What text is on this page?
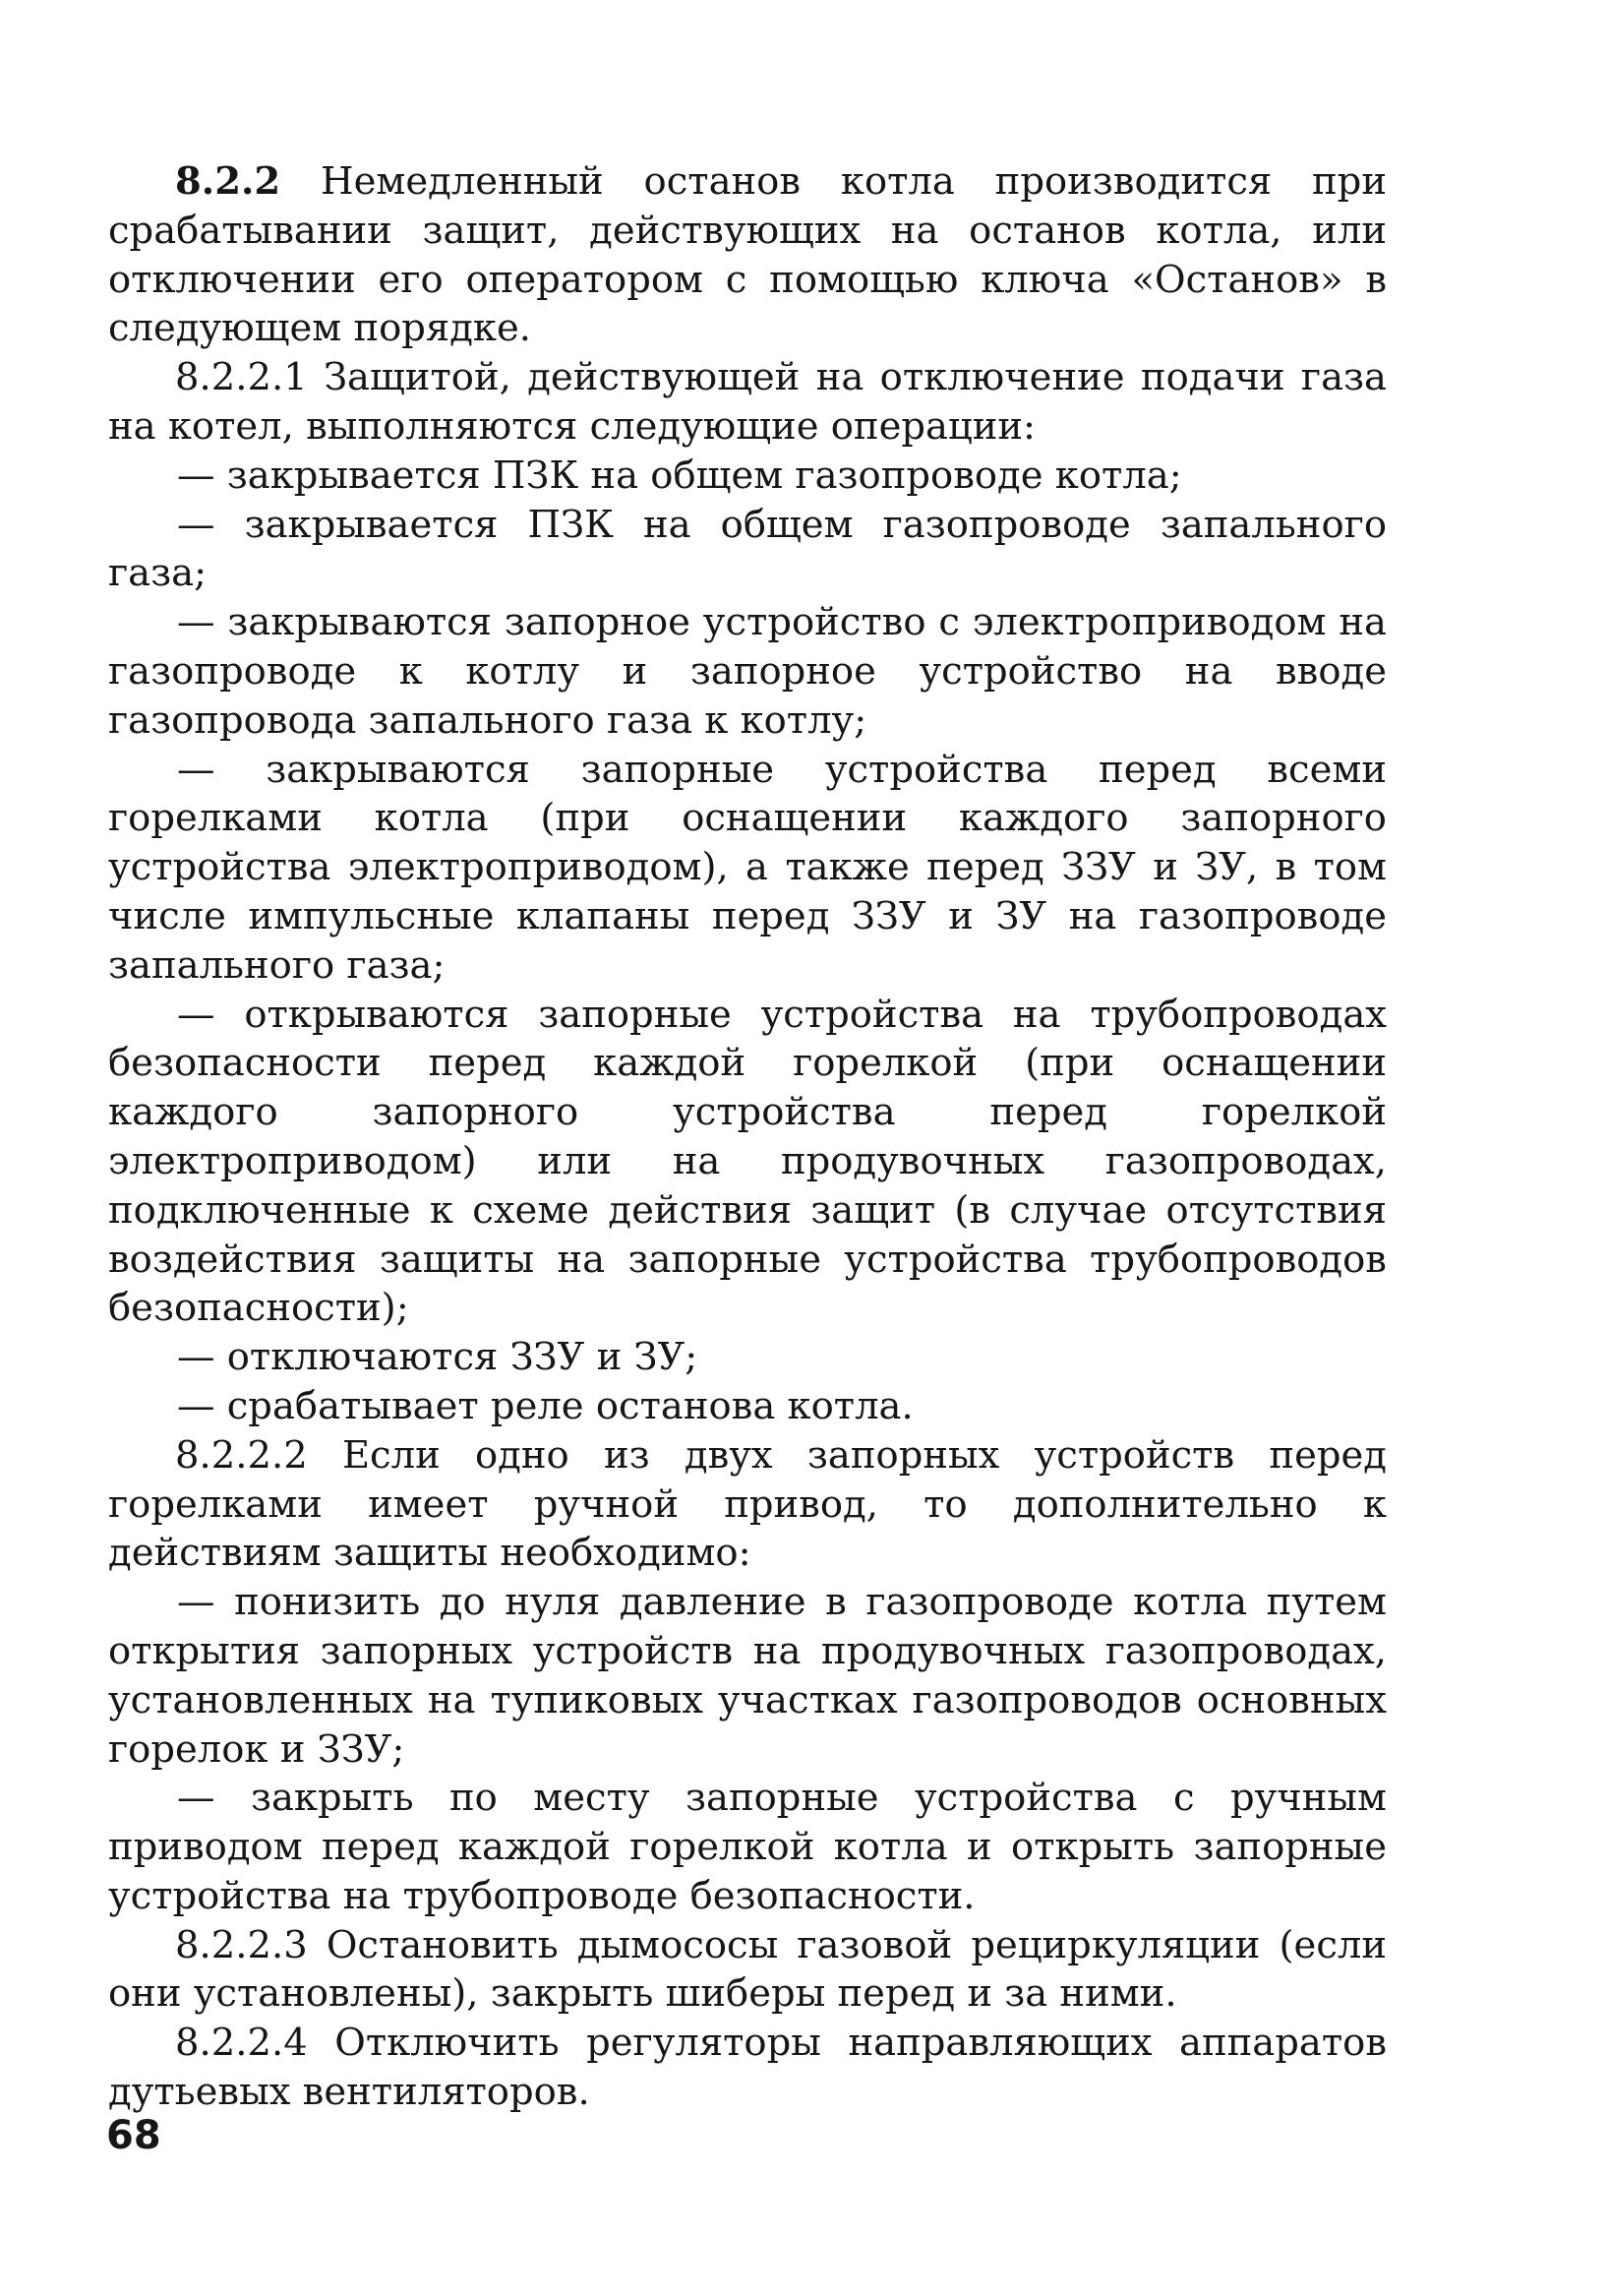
8.2.2 Немедленный останов котла производится при срабатывании защит, действующих на останов котла, или отключении его оператором с помощью ключа «Останов» в следующем порядке.

8.2.2.1 Защитой, действующей на отключение подачи газа на котел, выполняются следующие операции:

— закрывается ПЗК на общем газопроводе котла;

— закрывается ПЗК на общем газопроводе запального газа;

— закрываются запорное устройство с электроприводом на газопроводе к котлу и запорное устройство на вводе газопровода запального газа к котлу;

— закрываются запорные устройства перед всеми горелками котла (при оснащении каждого запорного устройства электроприводом), а также перед ЗЗУ и ЗУ, в том числе импульсные клапаны перед ЗЗУ и ЗУ на газопроводе запального газа;

— открываются запорные устройства на трубопроводах безопасности перед каждой горелкой (при оснащении каждого запорного устройства перед горелкой электроприводом) или на продувочных газопроводах, подключенные к схеме действия защит (в случае отсутствия воздействия защиты на запорные устройства трубопроводов безопасности);

— отключаются ЗЗУ и ЗУ;

— срабатывает реле останова котла.

8.2.2.2 Если одно из двух запорных устройств перед горелками имеет ручной привод, то дополнительно к действиям защиты необходимо:

— понизить до нуля давление в газопроводе котла путем открытия запорных устройств на продувочных газопроводах, установленных на тупиковых участках газопроводов основных горелок и ЗЗУ;

— закрыть по месту запорные устройства с ручным приводом перед каждой горелкой котла и открыть запорные устройства на трубопроводе безопасности.

8.2.2.3 Остановить дымососы газовой рециркуляции (если они установлены), закрыть шиберы перед и за ними.

8.2.2.4 Отключить регуляторы направляющих аппаратов дутьевых вентиляторов.

68
